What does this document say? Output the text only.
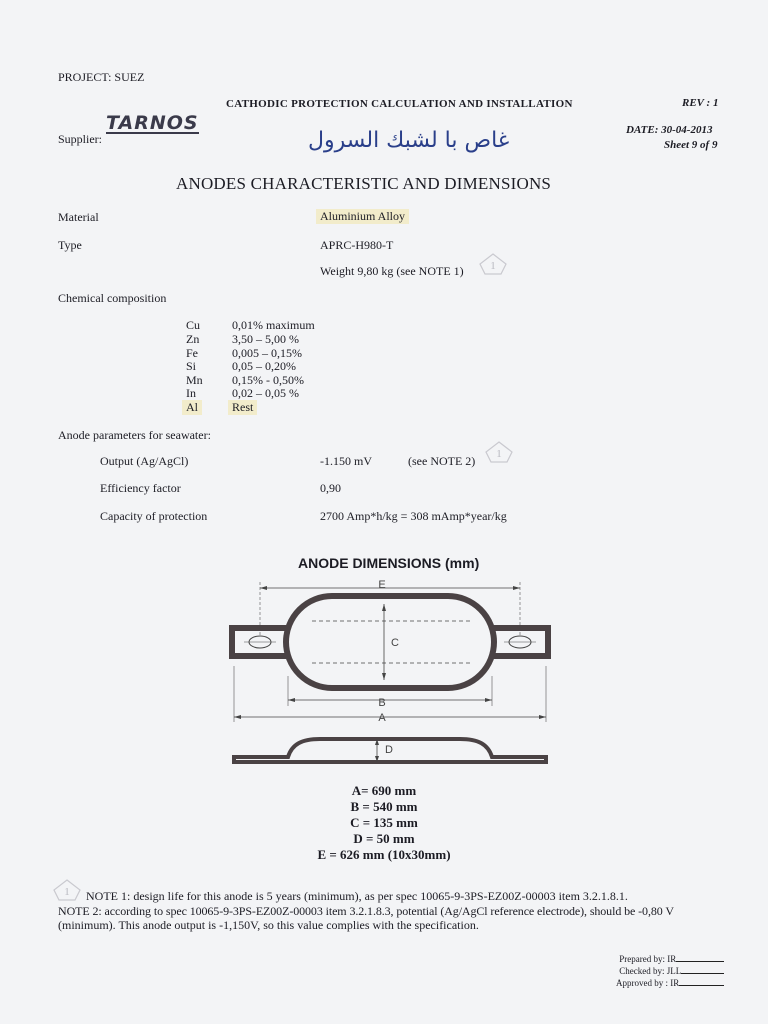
PROJECT: SUEZ
CATHODIC PROTECTION CALCULATION AND INSTALLATION	REV : 1
Supplier:
TARNOS
غاص با لشبك السرول	DATE: 30-04-2013
Sheet 9 of 9
ANODES CHARACTERISTIC AND DIMENSIONS
Material	Aluminium Alloy
Type	APRC-H980-T
Weight 9,80 kg (see NOTE 1) 1
Chemical composition
Cu	0,01% maximum
Zn	3,50 – 5,00 %
Fe	0,005 – 0,15%
Si	0,05 – 0,20%
Mn 0,15% - 0,50%
In	0,02 – 0,05 %
Al	Rest
Anode parameters for seawater:
Output (Ag/AgCl)	-1.150 mV	(see NOTE 2) 1
Efficiency factor	0,90
Capacity of protection	2700 Amp*h/kg = 308 mAmp*year/kg
ANODE DIMENSIONS (mm)
E
C
B
A
D
A= 690 mm
B = 540 mm
C = 135 mm
D = 50 mm
E = 626 mm (10x30mm)
1 NOTE 1: design life for this anode is 5 years (minimum), as per spec 10065-9-3PS-EZ00Z-00003 item 3.2.1.8.1.
NOTE 2: according to spec 10065-9-3PS-EZ00Z-00003 item 3.2.1.8.3, potential (Ag/AgCl reference electrode), should be -0,80 V
(minimum). This anode output is -1,150V, so this value complies with the specification.
Prepared by: IR
Checked by: JLL
Approved by : IR
